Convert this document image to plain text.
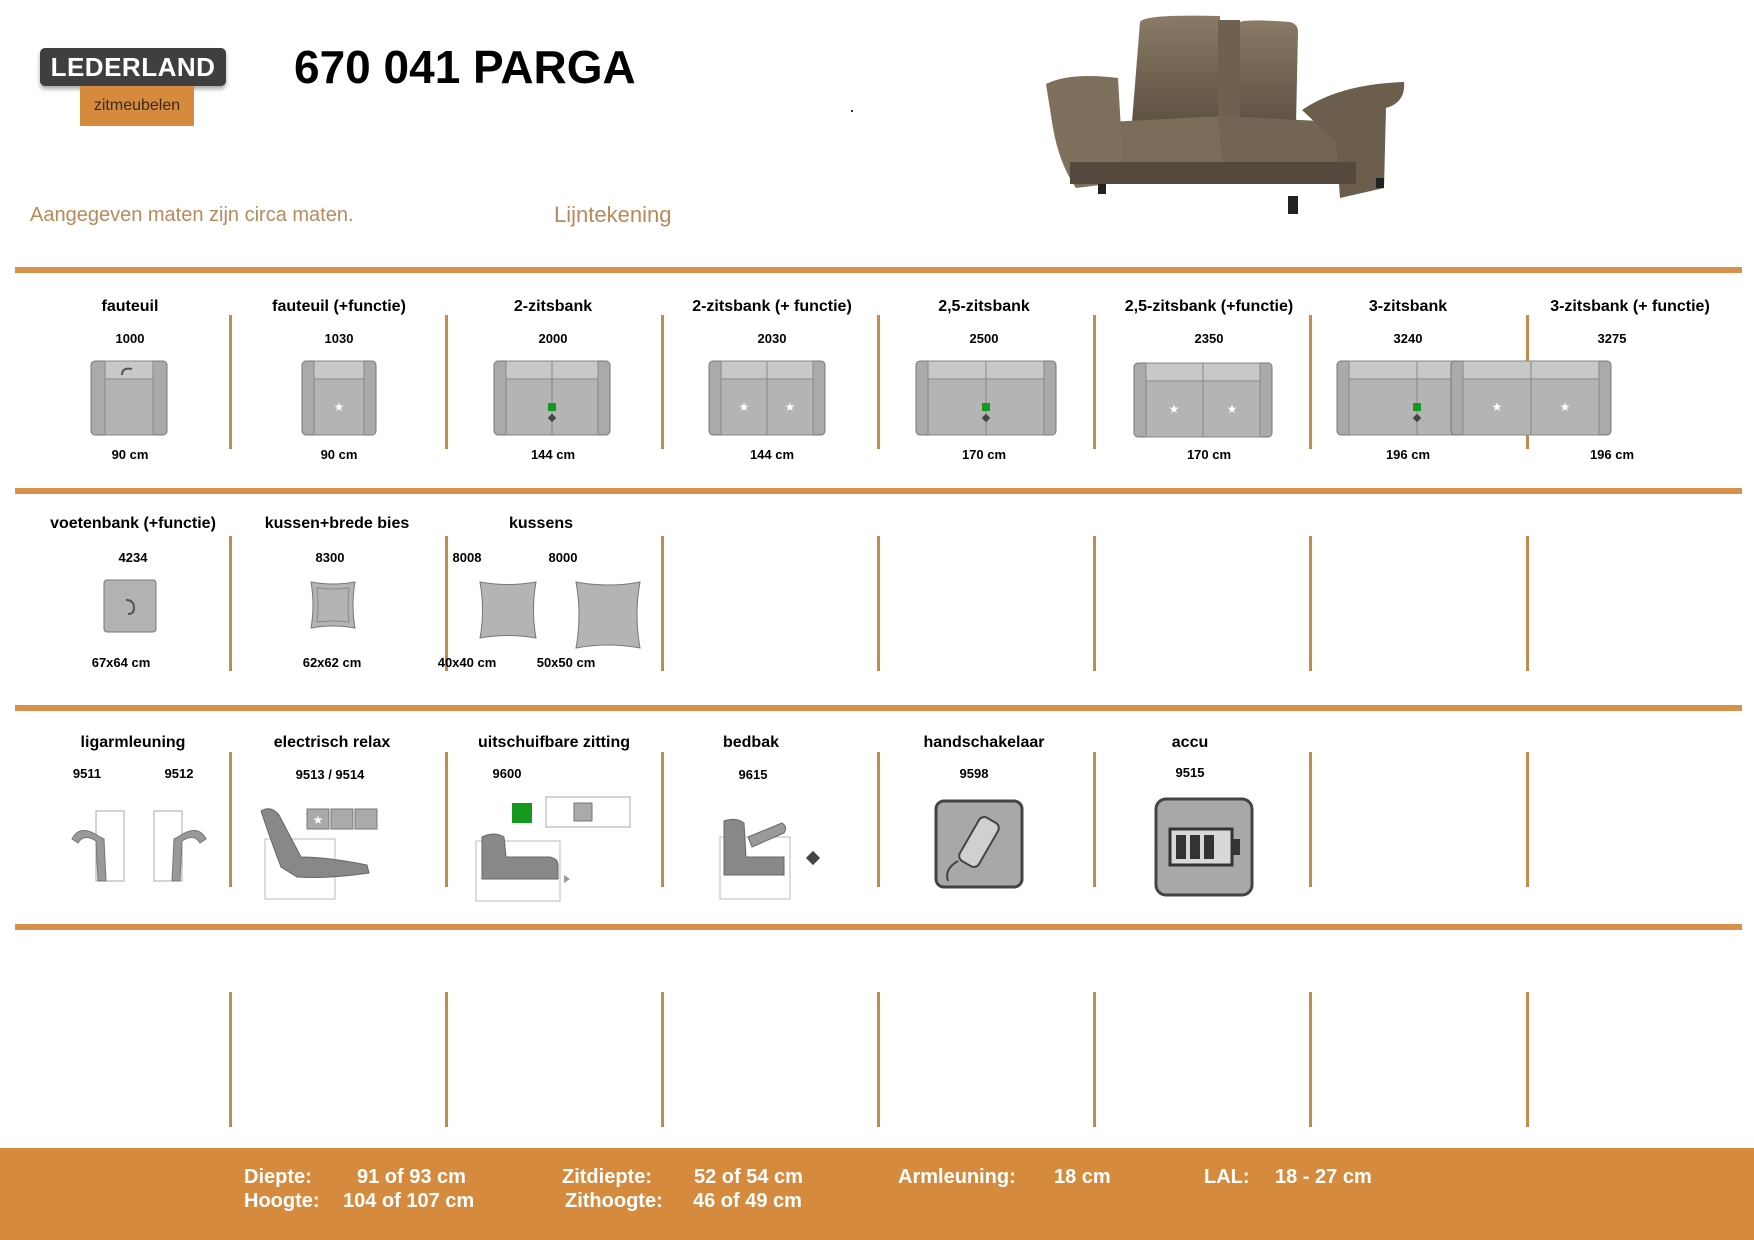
LEDERLAND
zitmeubelen
670 041 PARGA
Aangegeven maten zijn circa maten.	Lijntekening
fauteuil
1000
90 cm
fauteuil (+functie)
1030
★
90 cm
2-zitsbank
2000
144 cm
2-zitsbank (+ functie)
2030
★	★
144 cm
2,5-zitsbank
2500
170 cm
2,5-zitsbank (+functie)
2350
★	★
170 cm
3-zitsbank
3240
196 cm
3-zitsbank (+ functie)
3275
★	★
196 cm
voetenbank (+functie)
4234
67x64 cm
kussen+brede bies
8300
62x62 cm
kussens
8008	8000
40x40 cm	50x50 cm
ligarmleuning
9511	9512
electrisch relax
9513 / 9514
★
uitschuifbare zitting
9600
bedbak
9615
handschakelaar
9598
accu
9515
Diepte: 91 of 93 cm
Hoogte: 104 of 107 cm
Zitdiepte: 52 of 54 cm
Zithoogte: 46 of 49 cm
Armleuning: 18 cm	LAL: 18 - 27 cm
